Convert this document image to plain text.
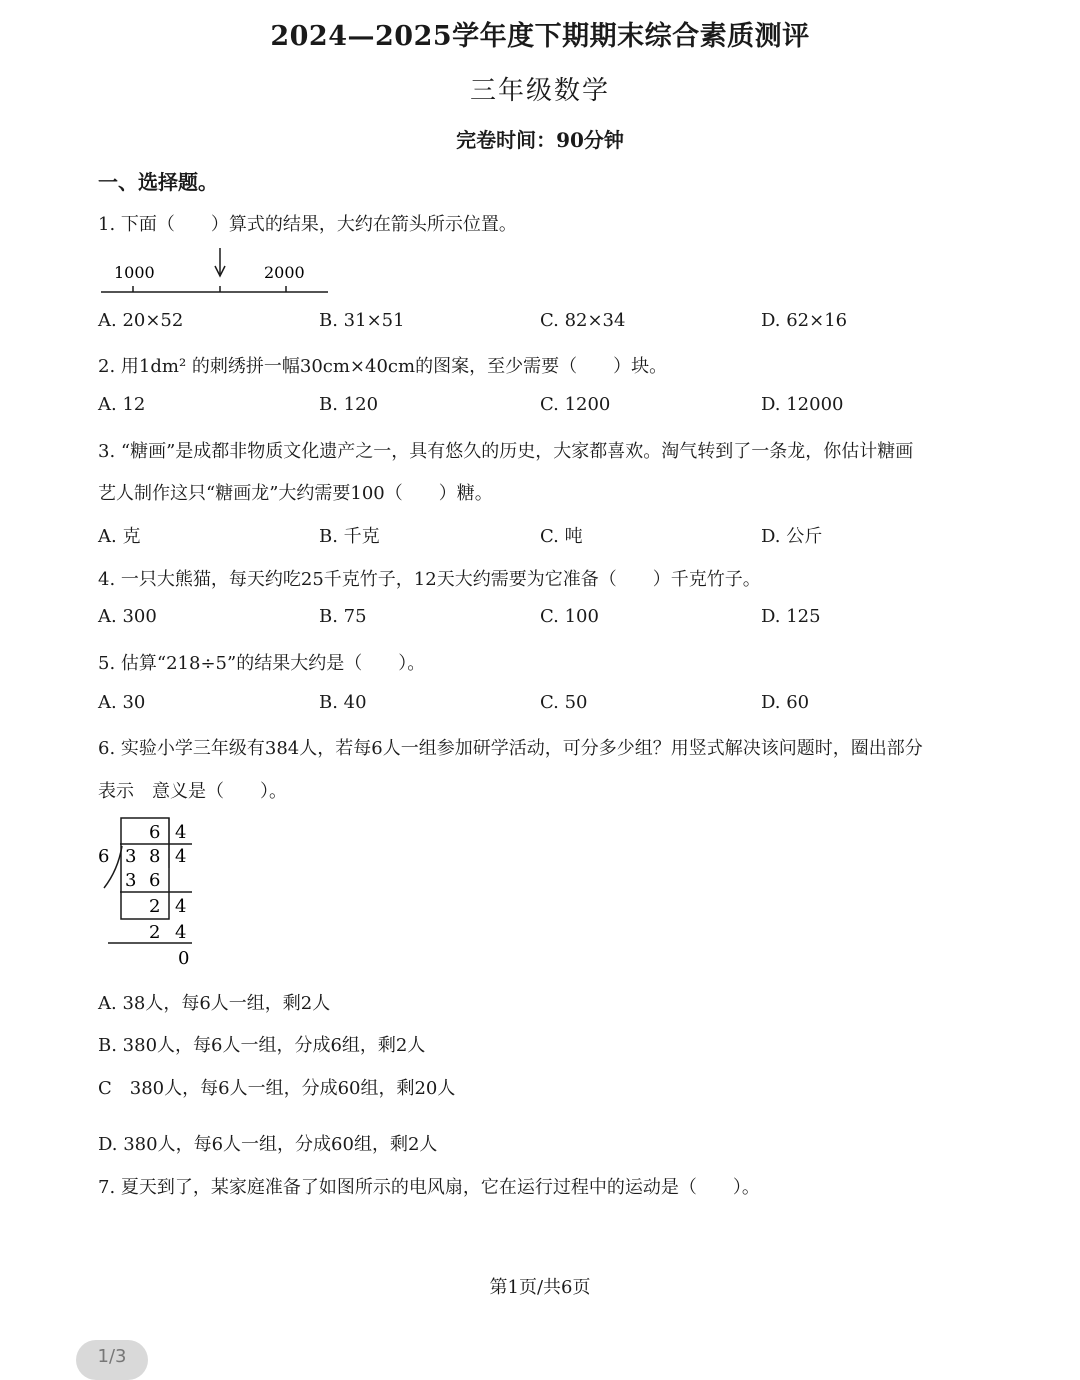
2024—2025学年度下期期末综合素质测评
三年级数学
完卷时间：90分钟
一、选择题。
1. 下面（　　）算式的结果，大约在箭头所示位置。
1000	2000
A. 20×52	B. 31×51	C. 82×34	D. 62×16
2. 用1dm² 的刺绣拼一幅30cm×40cm的图案，至少需要（　　）块。
A. 12	B. 120	C. 1200	D. 12000
3. “糖画”是成都非物质文化遗产之一，具有悠久的历史，大家都喜欢。淘气转到了一条龙，你估计糖画
艺人制作这只“糖画龙”大约需要100（　　）糖。
A. 克	B. 千克	C. 吨	D. 公斤
4. 一只大熊猫，每天约吃25千克竹子，12天大约需要为它准备（　　）千克竹子。
A. 300	B. 75	C. 100	D. 125
5. 估算“218÷5”的结果大约是（　　）。
A. 30	B. 40	C. 50	D. 60
6. 实验小学三年级有384人，若每6人一组参加研学活动，可分多少组？用竖式解决该问题时，圈出部分
表示　意义是（　　）。
6 4
6 3 8 4
3 6
2 4
2 4
0
A. 38人，每6人一组，剩2人
B. 380人，每6人一组，分成6组，剩2人
C　380人，每6人一组，分成60组，剩20人
D. 380人，每6人一组，分成60组，剩2人
7. 夏天到了，某家庭准备了如图所示的电风扇，它在运行过程中的运动是（　　）。
第1页/共6页
1/3
